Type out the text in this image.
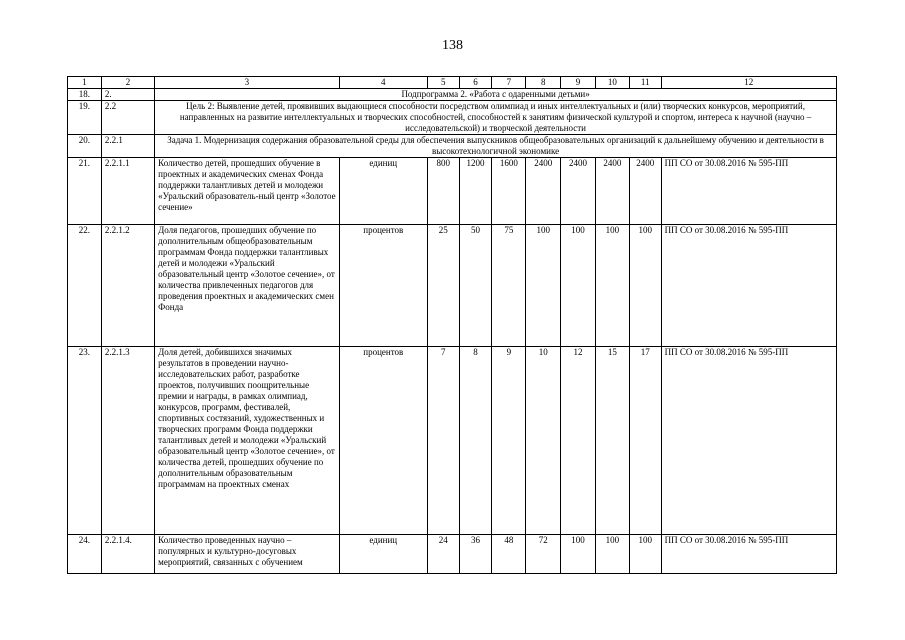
138
1	2	3	4	5	6	7	8	9	10	11	12
18.	2.	Подпрограмма 2. «Работа с одаренными детьми»									
19.	2.2	Цель 2: Выявление детей, проявивших выдающиеся способности посредством олимпиад и иных интеллектуальных и (или) творческих конкурсов, мероприятий, направленных на развитие интеллектуальных и творческих способностей, способностей к занятиям физической культурой и спортом, интереса к научной (научно – исследовательской) и творческой деятельности									
20.	2.2.1	Задача 1. Модернизация содержания образовательной среды для обеспечения выпускников общеобразовательных организаций к дальнейшему обучению и деятельности в высокотехнологичной экономике									
21.	2.2.1.1	Количество детей, прошедших обучение в проектных и академических сменах Фонда поддержки талантливых детей и молодежи «Уральский образователь-ный центр «Золотое сечение»	единиц	800	1200	1600	2400	2400	2400	2400	ПП СО от 30.08.2016 № 595-ПП
22.	2.2.1.2	Доля педагогов, прошедших обучение по дополнительным общеобразовательным программам Фонда поддержки талантливых детей и молодежи «Уральский образовательный центр «Золотое сечение», от количества привлеченных педагогов для проведения проектных и академических смен Фонда	процентов	25	50	75	100	100	100	100	ПП СО от 30.08.2016 № 595-ПП
23.	2.2.1.3	Доля детей, добившихся значимых результатов в проведении научно-исследовательских работ, разработке проектов, получивших поощрительные премии и награды, в рамках олимпиад, конкурсов, программ, фестивалей, спортивных состязаний, художественных и творческих программ Фонда поддержки талантливых детей и молодежи «Уральский образовательный центр «Золотое сечение», от количества детей, прошедших обучение по дополнительным образовательным программам на проектных сменах	процентов	7	8	9	10	12	15	17	ПП СО от 30.08.2016 № 595-ПП
24.	2.2.1.4.	Количество проведенных научно – популярных и культурно-досуговых мероприятий, связанных с обучением	единиц	24	36	48	72	100	100	100	ПП СО от 30.08.2016 № 595-ПП
